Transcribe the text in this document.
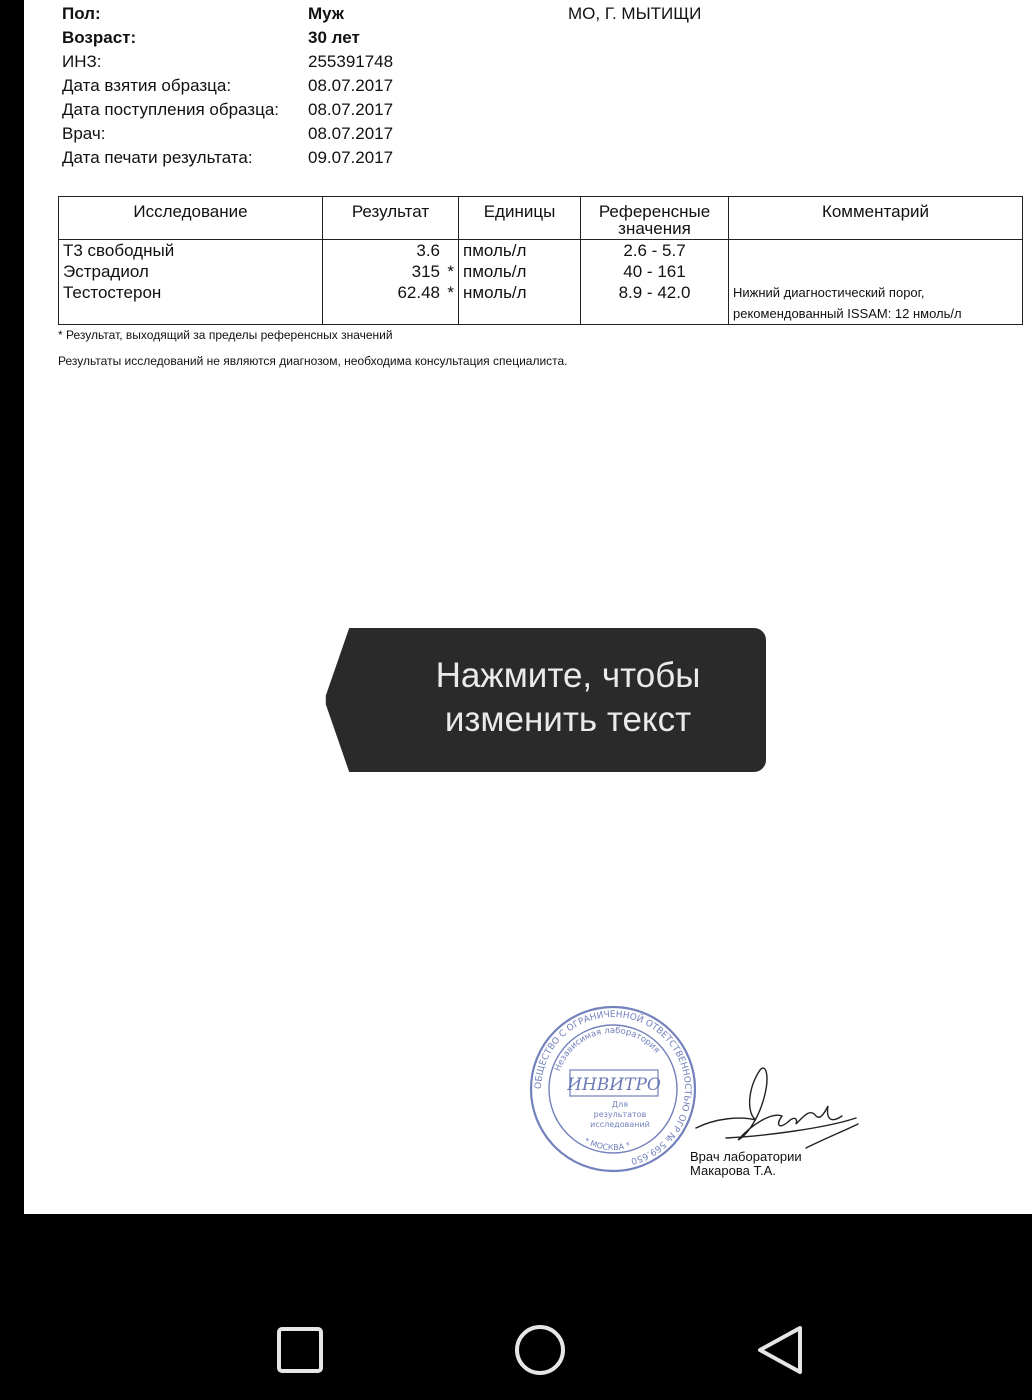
Пол:	Муж
Возраст:	30 лет
ИНЗ:	255391748
Дата взятия образца:	08.07.2017
Дата поступления образца: 08.07.2017
Врач:	08.07.2017
Дата печати результата:	09.07.2017
МО, Г. МЫТИЩИ
Исследование	Результат	Единицы	Референсные значения	Комментарий
Т3 свободный	3.6	пмоль/л	2.6 - 5.7	
Эстрадиол	315 *	пмоль/л	40 - 161	
Тестостерон	62.48 *	нмоль/л	8.9 - 42.0	Нижний диагностический порог, рекомендованный ISSAM: 12 нмоль/л
* Результат, выходящий за пределы референсных значений
Результаты исследований не являются диагнозом, необходима консультация специалиста.
Нажмите, чтобы
изменить текст
ОБЩЕСТВО С ОГРАНИЧЕННОЙ ОТВЕТСТВЕННОСТЬЮ ОГР № 569.650
Независимая лаборатория
ИНВИТРО
Для
результатов
исследований
* МОСКВА *
Врач лаборатории
Макарова Т.А.
